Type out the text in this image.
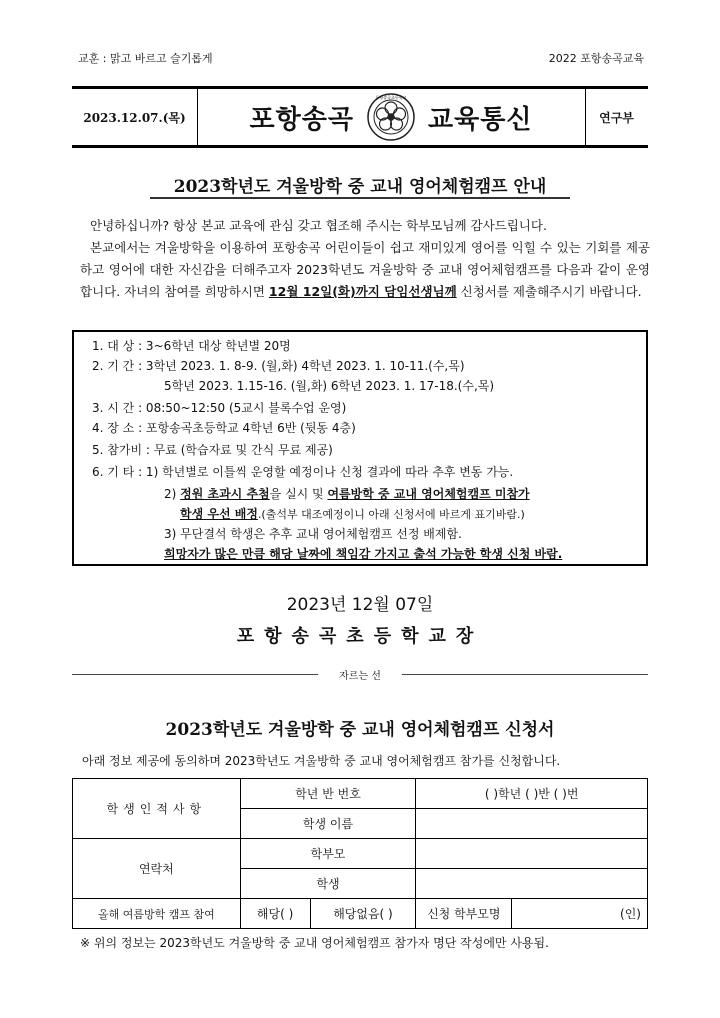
교훈 : 맑고 바르고 슬기롭게	2022 포항송곡교육
2023.12.07.(목)	포항송곡
포항송곡초등학교
교육통신	연구부
2023학년도 겨울방학 중 교내 영어체험캠프 안내
안녕하십니까? 항상 본교 교육에 관심 갖고 협조해 주시는 학부모님께 감사드립니다.
본교에서는 겨울방학을 이용하여 포항송곡 어린이들이 쉽고 재미있게 영어를 익힐 수 있는 기회를 제공하고 영어에 대한 자신감을 더해주고자 2023학년도 겨울방학 중 교내 영어체험캠프를 다음과 같이 운영합니다. 자녀의 참여를 희망하시면 12월 12일(화)까지 담임선생님께 신청서를 제출해주시기 바랍니다.
1. 대 상 : 3~6학년 대상 학년별 20명
2. 기 간 : 3학년 2023. 1. 8-9. (월,화) 4학년 2023. 1. 10-11.(수,목)
5학년 2023. 1.15-16. (월,화) 6학년 2023. 1. 17-18.(수,목)
3. 시 간 : 08:50~12:50 (5교시 블록수업 운영)
4. 장 소 : 포항송곡초등학교 4학년 6반 (뒷동 4층)
5. 참가비 : 무료 (학습자료 및 간식 무료 제공)
6. 기 타 : 1) 학년별로 이틀씩 운영할 예정이나 신청 결과에 따라 추후 변동 가능.
2) 정원 초과시 추첨을 실시 및 여름방학 중 교내 영어체험캠프 미참가
학생 우선 배정.(출석부 대조예정이니 아래 신청서에 바르게 표기바람.)
3) 무단결석 학생은 추후 교내 영어체험캠프 선정 배제함.
희망자가 많은 만큼 해당 날짜에 책임감 가지고 출석 가능한 학생 신청 바람.
2023년 12월 07일
포항송곡초등학교장
자르는 선
2023학년도 겨울방학 중 교내 영어체험캠프 신청서
아래 정보 제공에 동의하며 2023학년도 겨울방학 중 교내 영어체험캠프 참가를 신청합니다.
학생인적사항	학년 반 번호		( )학년 ( )반 ( )번	
	학생 이름			
연락처	학부모			
	학생			
올해 여름방학 캠프 참여	해당( )	해당없음( )	신청 학부모명	(인)
※ 위의 정보는 2023학년도 겨울방학 중 교내 영어체험캠프 참가자 명단 작성에만 사용됨.
